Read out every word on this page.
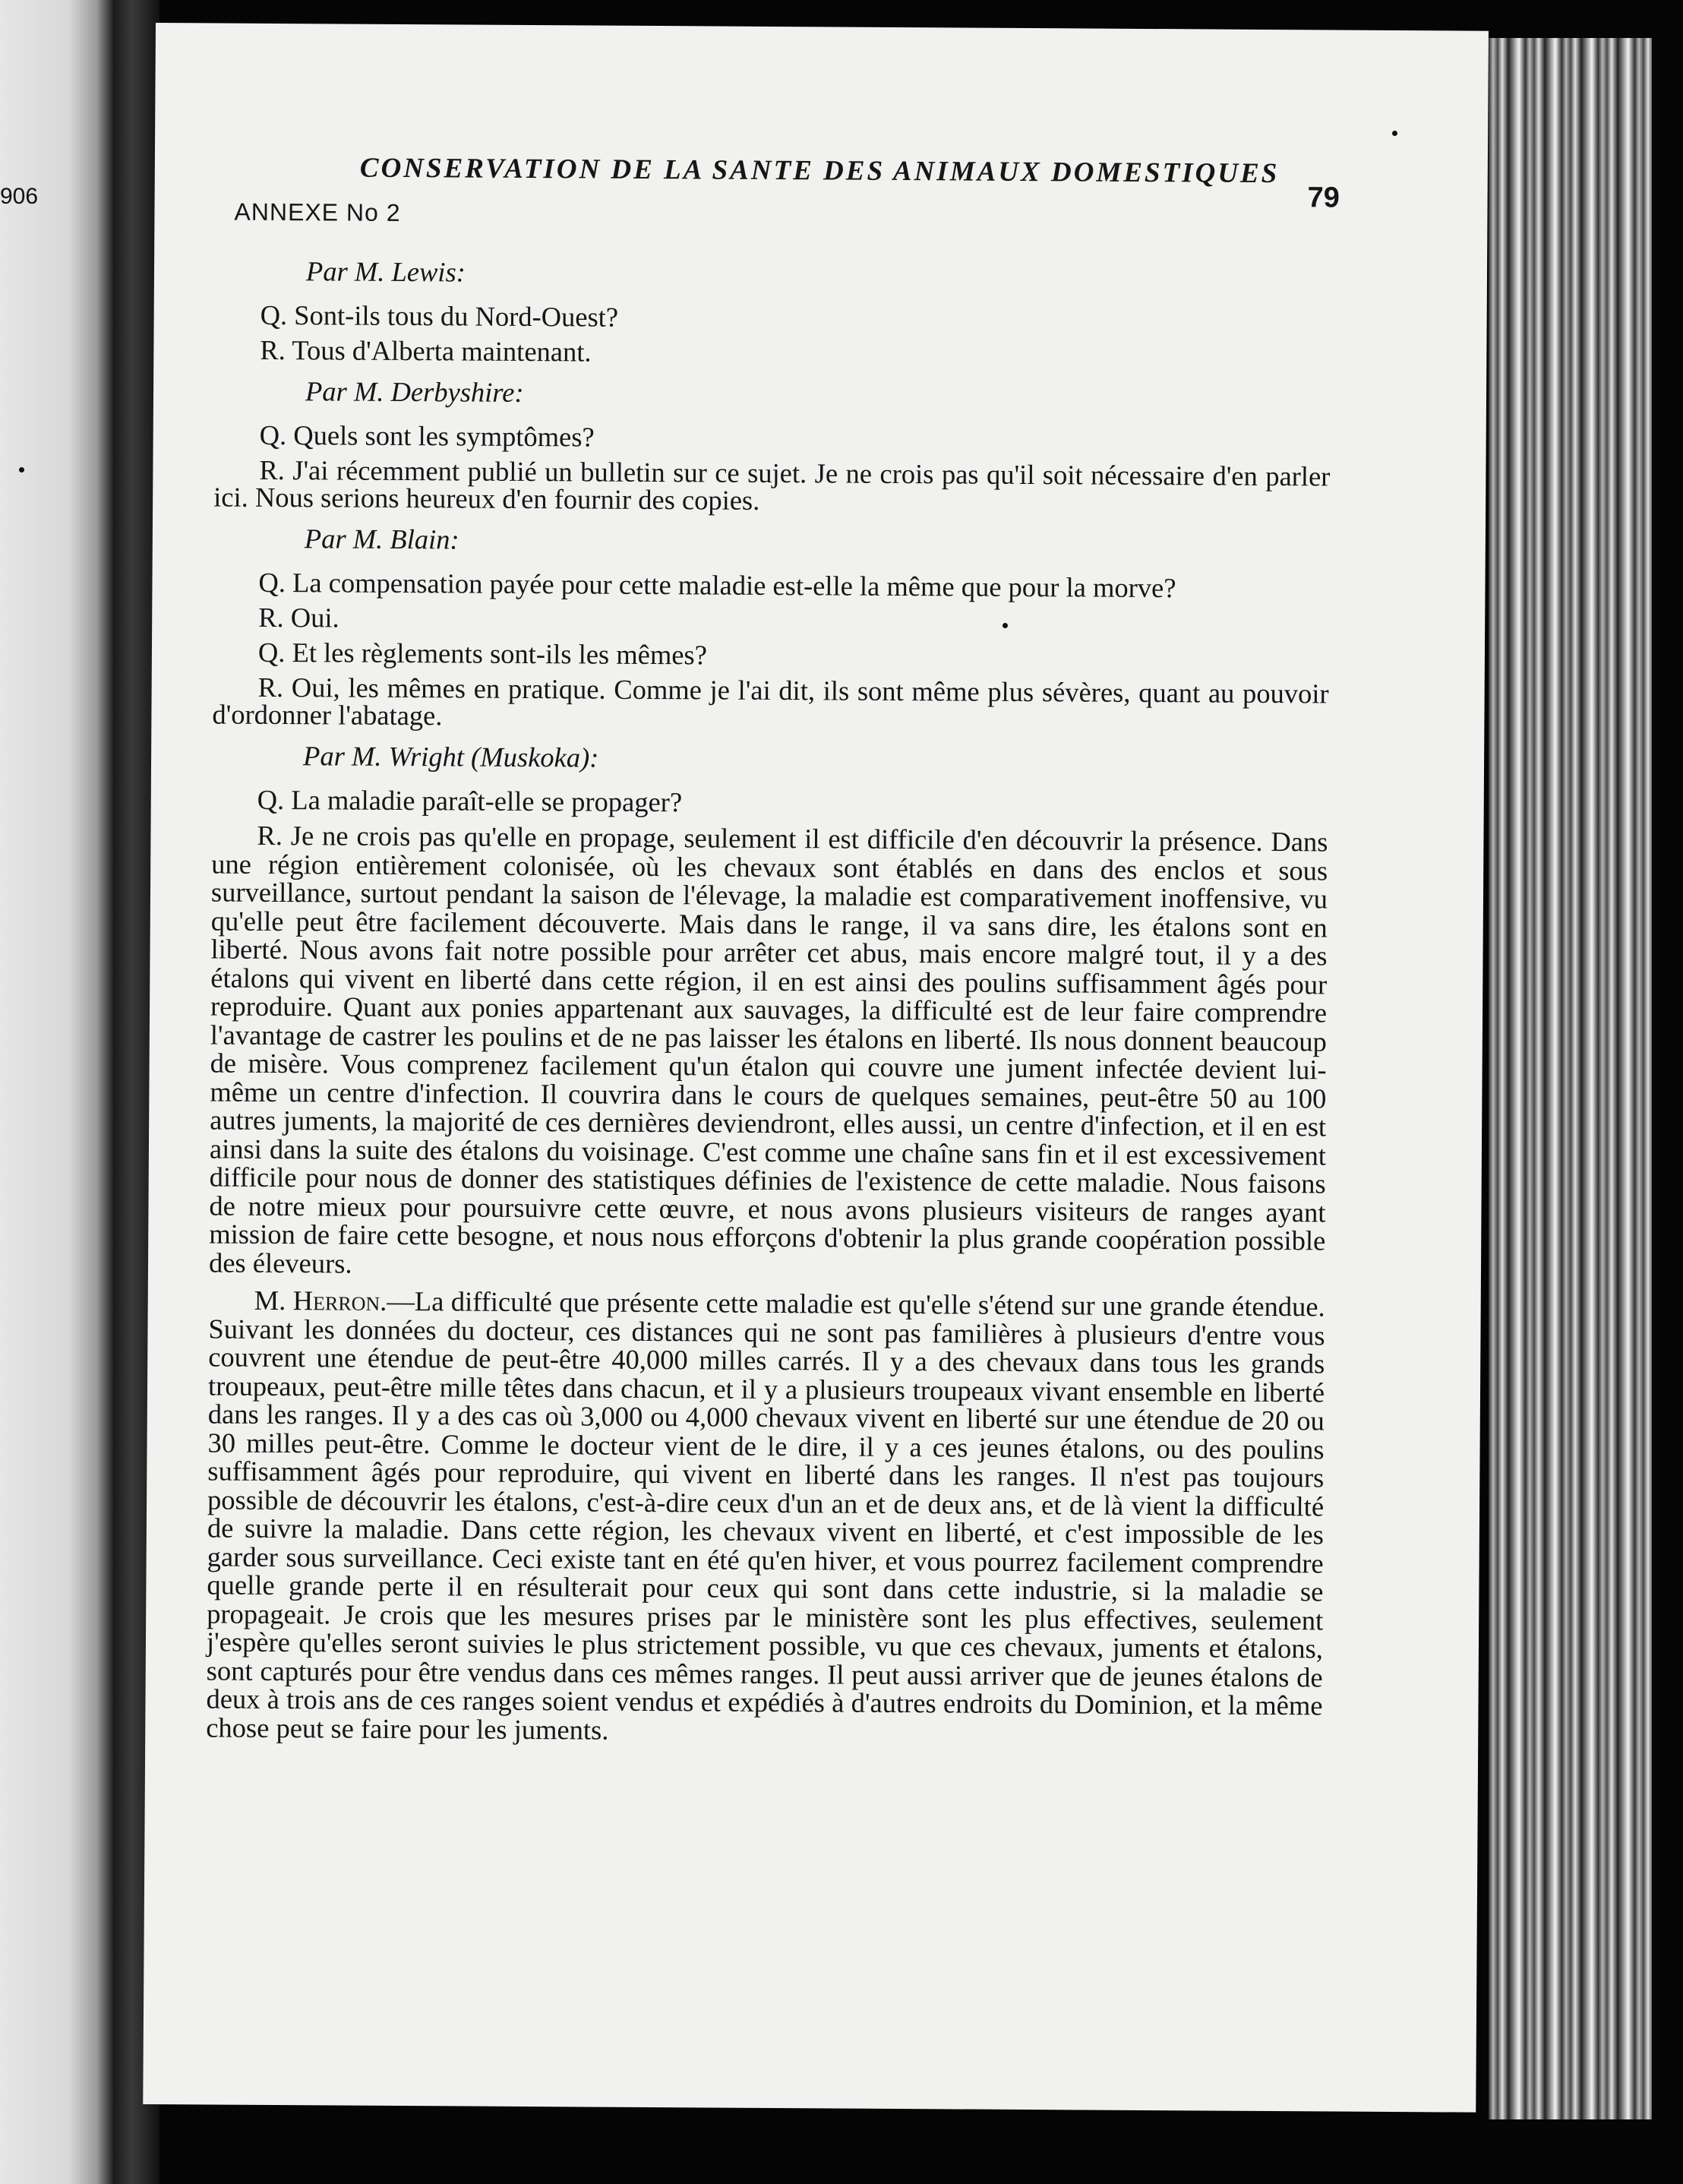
906
CONSERVATION DE LA SANTE DES ANIMAUX DOMESTIQUES
ANNEXE No 2	79
Par M. Lewis:

Q. Sont-ils tous du Nord-Ouest?

R. Tous d'Alberta maintenant.

Par M. Derbyshire:

Q. Quels sont les symptômes?

R. J'ai récemment publié un bulletin sur ce sujet. Je ne crois pas qu'il soit nécessaire d'en parler ici. Nous serions heureux d'en fournir des copies.

Par M. Blain:

Q. La compensation payée pour cette maladie est-elle la même que pour la morve?

R. Oui.

Q. Et les règlements sont-ils les mêmes?

R. Oui, les mêmes en pratique. Comme je l'ai dit, ils sont même plus sévères, quant au pouvoir d'ordonner l'abatage.

Par M. Wright (Muskoka):

Q. La maladie paraît-elle se propager?

R. Je ne crois pas qu'elle en propage, seulement il est difficile d'en découvrir la présence. Dans une région entièrement colonisée, où les chevaux sont établés en dans des enclos et sous surveillance, surtout pendant la saison de l'élevage, la maladie est comparativement inoffensive, vu qu'elle peut être facilement découverte. Mais dans le range, il va sans dire, les étalons sont en liberté. Nous avons fait notre possible pour arrêter cet abus, mais encore malgré tout, il y a des étalons qui vivent en liberté dans cette région, il en est ainsi des poulins suffisamment âgés pour reproduire. Quant aux ponies appartenant aux sauvages, la difficulté est de leur faire comprendre l'avantage de castrer les poulins et de ne pas laisser les étalons en liberté. Ils nous donnent beaucoup de misère. Vous comprenez facilement qu'un étalon qui couvre une jument infectée devient lui-même un centre d'infection. Il couvrira dans le cours de quelques semaines, peut-être 50 au 100 autres juments, la majorité de ces dernières deviendront, elles aussi, un centre d'infection, et il en est ainsi dans la suite des étalons du voisinage. C'est comme une chaîne sans fin et il est excessivement difficile pour nous de donner des statistiques définies de l'existence de cette maladie. Nous faisons de notre mieux pour poursuivre cette œuvre, et nous avons plusieurs visiteurs de ranges ayant mission de faire cette besogne, et nous nous efforçons d'obtenir la plus grande coopération possible des éleveurs.

M. Herron.—La difficulté que présente cette maladie est qu'elle s'étend sur une grande étendue. Suivant les données du docteur, ces distances qui ne sont pas familières à plusieurs d'entre vous couvrent une étendue de peut-être 40,000 milles carrés. Il y a des chevaux dans tous les grands troupeaux, peut-être mille têtes dans chacun, et il y a plusieurs troupeaux vivant ensemble en liberté dans les ranges. Il y a des cas où 3,000 ou 4,000 chevaux vivent en liberté sur une étendue de 20 ou 30 milles peut-être. Comme le docteur vient de le dire, il y a ces jeunes étalons, ou des poulins suffisamment âgés pour reproduire, qui vivent en liberté dans les ranges. Il n'est pas toujours possible de découvrir les étalons, c'est-à-dire ceux d'un an et de deux ans, et de là vient la difficulté de suivre la maladie. Dans cette région, les chevaux vivent en liberté, et c'est impossible de les garder sous surveillance. Ceci existe tant en été qu'en hiver, et vous pourrez facilement comprendre quelle grande perte il en résulterait pour ceux qui sont dans cette industrie, si la maladie se propageait. Je crois que les mesures prises par le ministère sont les plus effectives, seulement j'espère qu'elles seront suivies le plus strictement possible, vu que ces chevaux, juments et étalons, sont capturés pour être vendus dans ces mêmes ranges. Il peut aussi arriver que de jeunes étalons de deux à trois ans de ces ranges soient vendus et expédiés à d'autres endroits du Dominion, et la même chose peut se faire pour les juments.
